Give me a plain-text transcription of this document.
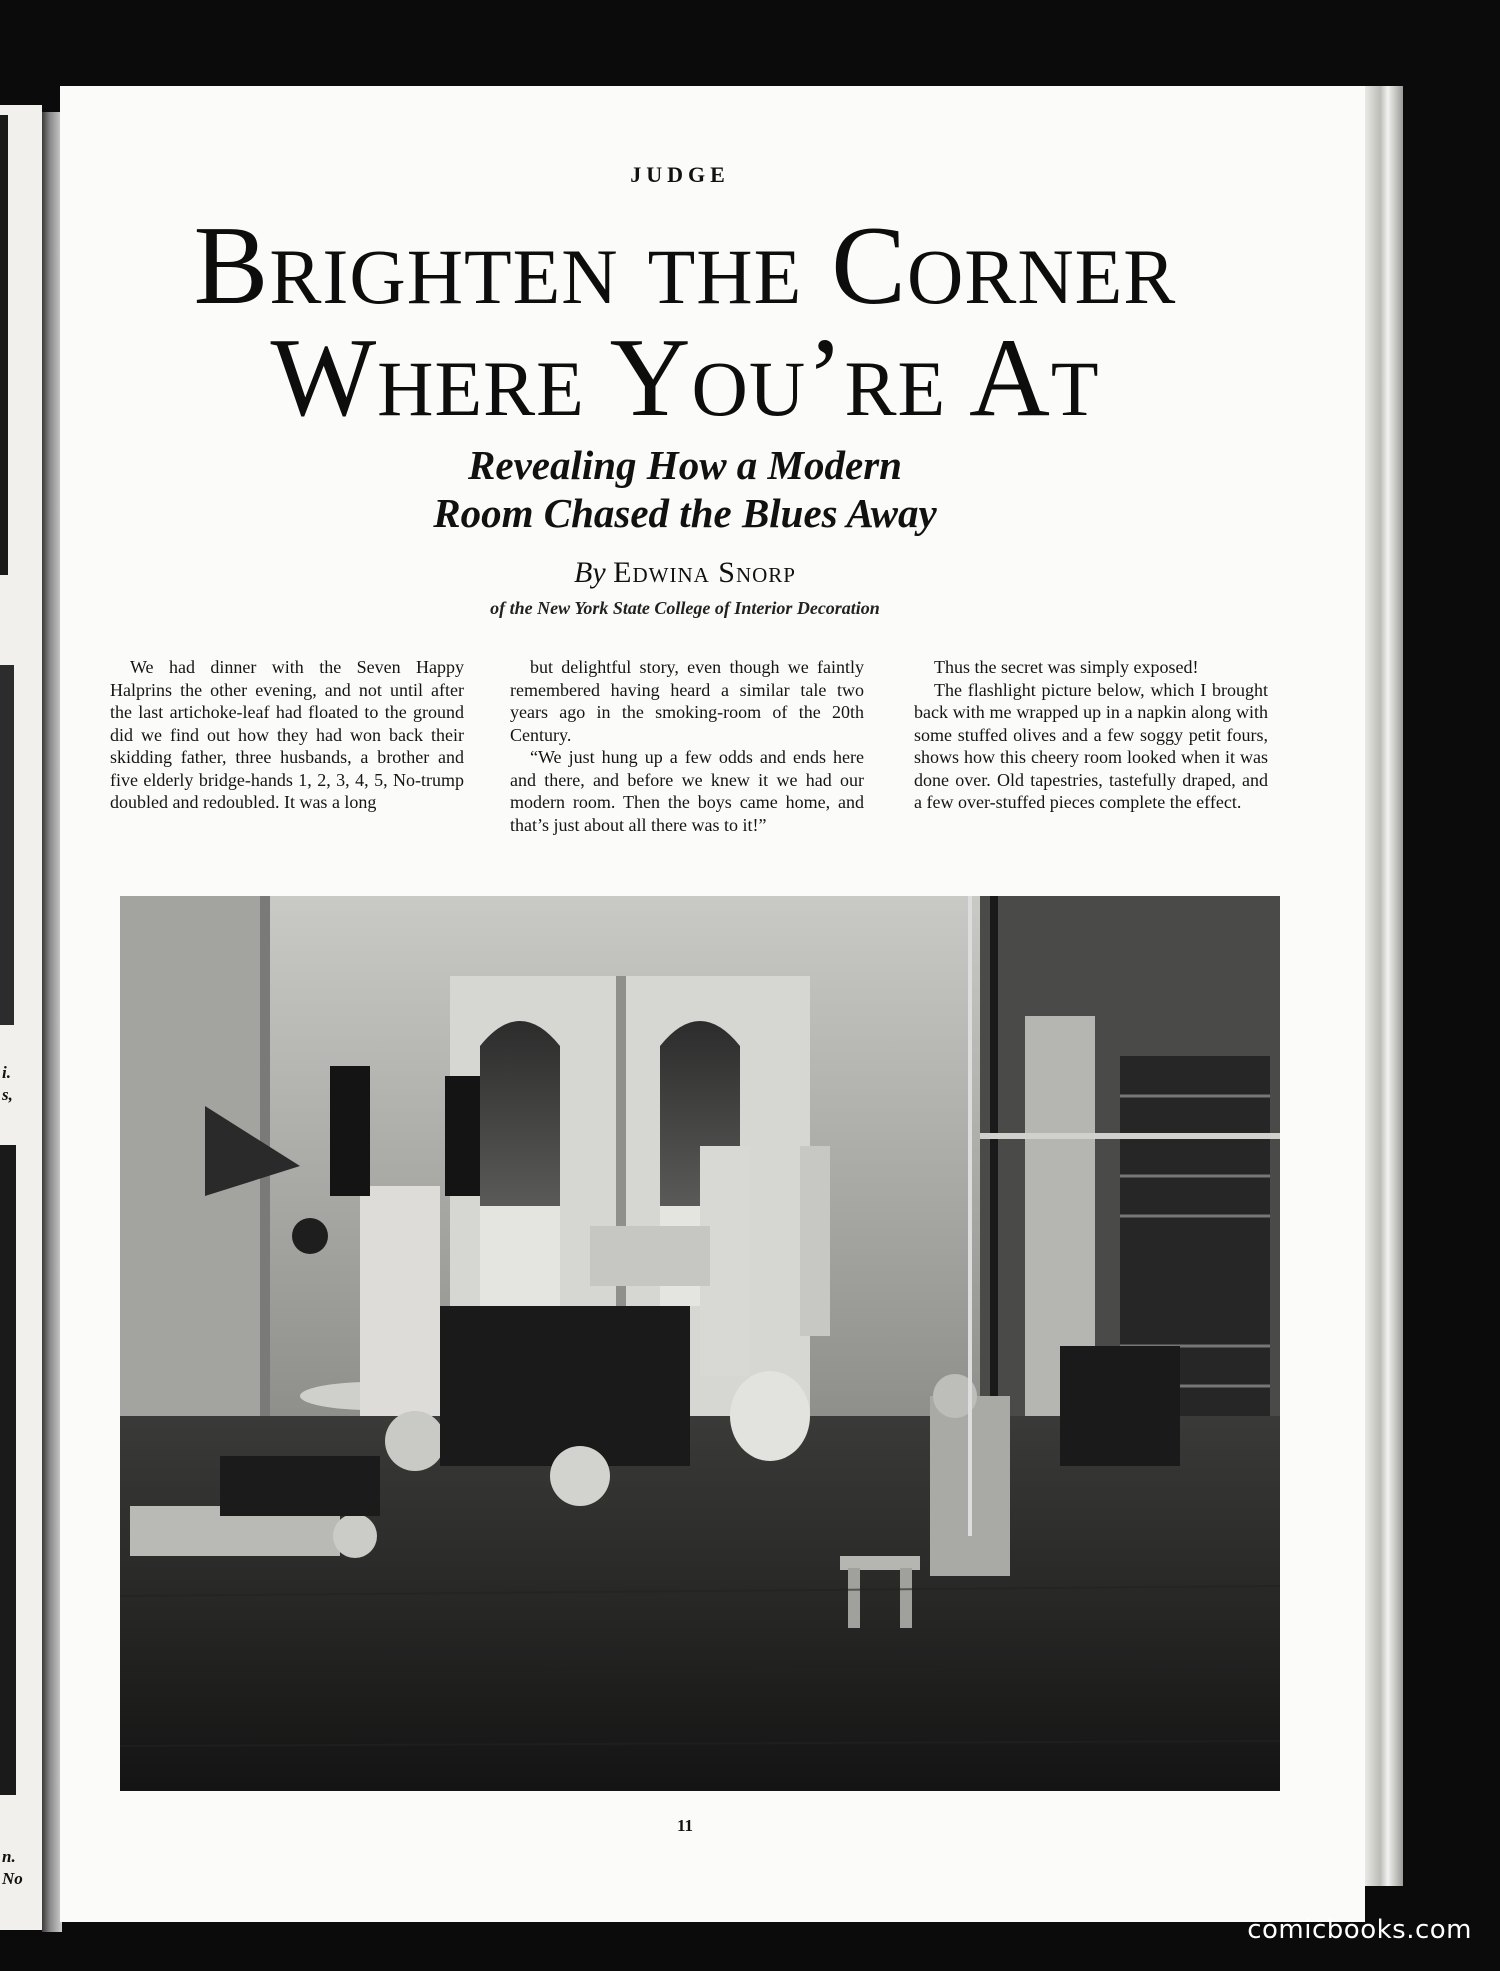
i.
s,
n.
No
JUDGE
Brighten the Corner
Where You’re At
Revealing How a Modern
Room Chased the Blues Away
By Edwina Snorp
of the New York State College of Interior Decoration

We had dinner with the Seven Happy Halprins the other evening, and not until after the last artichoke-leaf had floated to the ground did we find out how they had won back their skidding father, three husbands, a brother and five elderly bridge-hands 1, 2, 3, 4, 5, No-trump doubled and redoubled. It was a long

but delightful story, even though we faintly remembered having heard a similar tale two years ago in the smoking-room of the 20th Century.

“We just hung up a few odds and ends here and there, and before we knew it we had our modern room. Then the boys came home, and that’s just about all there was to it!”

Thus the secret was simply exposed!

The flashlight picture below, which I brought back with me wrapped up in a napkin along with some stuffed olives and a few soggy petit fours, shows how this cheery room looked when it was done over. Old tapestries, tastefully draped, and a few over-stuffed pieces complete the effect.

11
comicbooks.com
